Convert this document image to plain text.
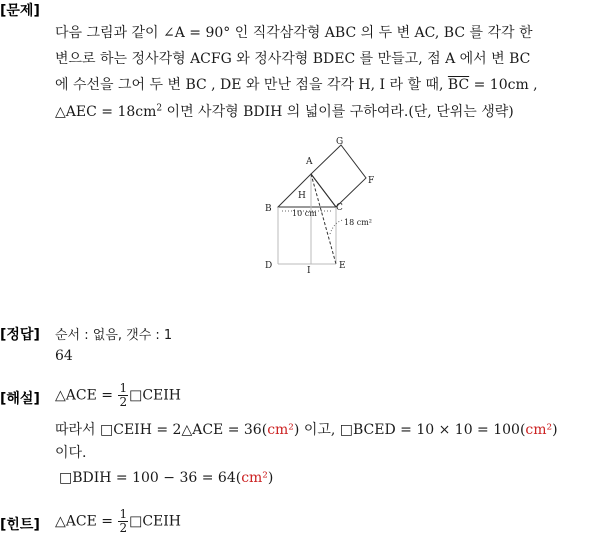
[문제]
다음 그림과 같이 ∠A = 90° 인 직각삼각형 ABC 의 두 변 AC, BC 를 각각 한
변으로 하는 정사각형 ACFG 와 정사각형 BDEC 를 만들고, 점 A 에서 변 BC
에 수선을 그어 두 변 BC , DE 와 만난 점을 각각 H, I 라 할 때, $\overline{BC} = 10cm$ ,
△AEC = $18cm^2$ 이면 사각형 BDIH 의 넓이를 구하여라.(단, 단위는 생략)
A
G
F
B
H
C
D	I	E
10 cm
18 cm²
[정답] 순서 : 없음, 갯수 : 1
64
[해설] △ACE = $\frac{1}{2}$ □CEIH
따라서 □CEIH = 2△ACE = 36(cm²) 이고, □BCED = 10 × 10 = 100(cm²)
이다.
□BDIH = 100 − 36 = 64(cm²)
[힌트] △ACE = $\frac{1}{2}$ □CEIH
